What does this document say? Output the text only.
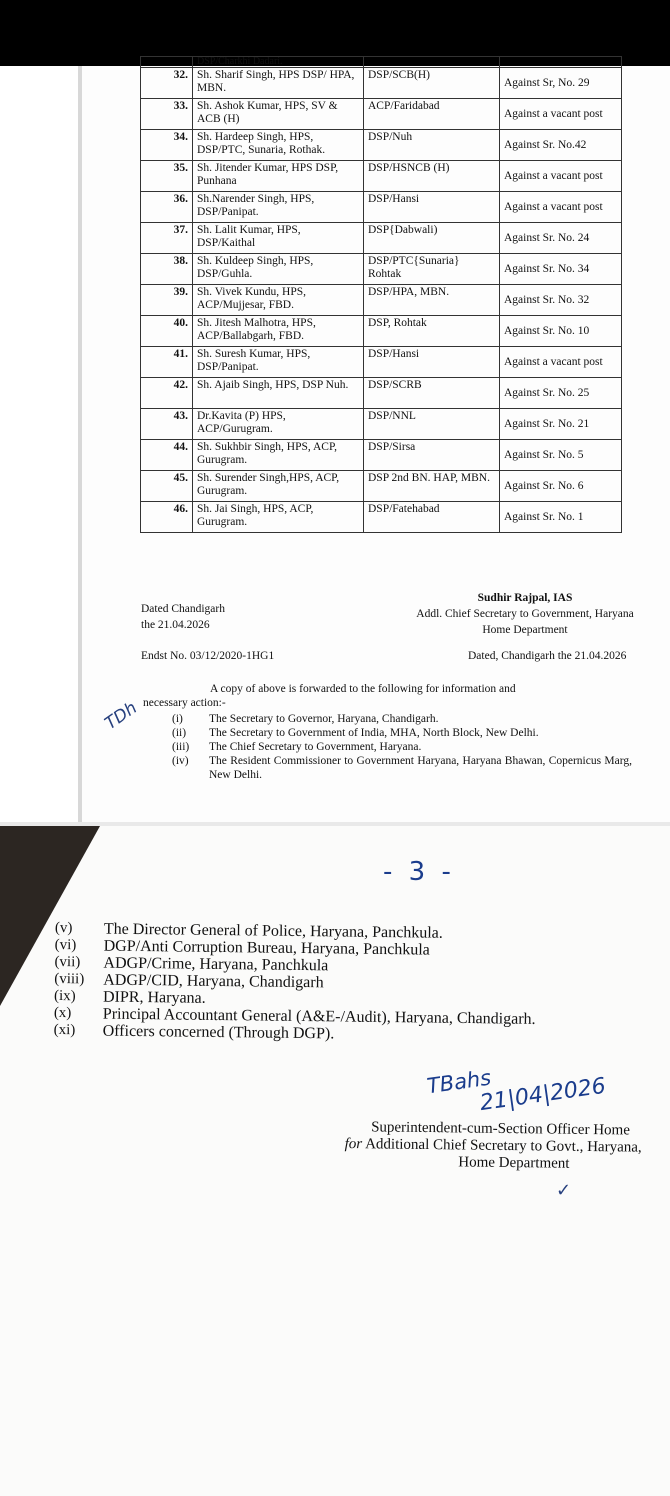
	DSP/Charkhi Dadari.		
32.	Sh. Sharif Singh, HPS DSP/ HPA, MBN.	DSP/SCB(H)	Against Sr, No. 29
33.	Sh. Ashok Kumar, HPS, SV & ACB (H)	ACP/Faridabad	Against a vacant post
34.	Sh. Hardeep Singh, HPS, DSP/PTC, Sunaria, Rothak.	DSP/Nuh	Against Sr. No.42
35.	Sh. Jitender Kumar, HPS DSP, Punhana	DSP/HSNCB (H)	Against a vacant post
36.	Sh.Narender Singh, HPS, DSP/Panipat.	DSP/Hansi	Against a vacant post
37.	Sh. Lalit Kumar, HPS, DSP/Kaithal	DSP{Dabwali)	Against Sr. No. 24
38.	Sh. Kuldeep Singh, HPS, DSP/Guhla.	DSP/PTC{Sunaria} Rohtak	Against Sr. No. 34
39.	Sh. Vivek Kundu, HPS, ACP/Mujjesar, FBD.	DSP/HPA, MBN.	Against Sr. No. 32
40.	Sh. Jitesh Malhotra, HPS, ACP/Ballabgarh, FBD.	DSP, Rohtak	Against Sr. No. 10
41.	Sh. Suresh Kumar, HPS, DSP/Panipat.	DSP/Hansi	Against a vacant post
42.	Sh. Ajaib Singh, HPS, DSP Nuh.	DSP/SCRB	Against Sr. No. 25
43.	Dr.Kavita (P) HPS, ACP/Gurugram.	DSP/NNL	Against Sr. No. 21
44.	Sh. Sukhbir Singh, HPS, ACP, Gurugram.	DSP/Sirsa	Against Sr. No. 5
45.	Sh. Surender Singh,HPS, ACP, Gurugram.	DSP 2nd BN. HAP, MBN.	Against Sr. No. 6
46.	Sh. Jai Singh, HPS, ACP, Gurugram.	DSP/Fatehabad	Against Sr. No. 1
Sudhir Rajpal, IAS
Addl. Chief Secretary to Government, Haryana
Home Department
Dated Chandigarh
the 21.04.2026
Endst No. 03/12/2020-1HG1	Dated, Chandigarh the 21.04.2026
A copy of above is forwarded to the following for information and
necessary action:-
TDh	(i)	The Secretary to Governor, Haryana, Chandigarh.
(ii)	The Secretary to Government of India, MHA, North Block, New Delhi.
(iii)	The Chief Secretary to Government, Haryana.
(iv)	The Resident Commissioner to Government Haryana, Haryana Bhawan, Copernicus Marg, New Delhi.
- 3 -
(v)	The Director General of Police, Haryana, Panchkula.
(vi)	DGP/Anti Corruption Bureau, Haryana, Panchkula
(vii)	ADGP/Crime, Haryana, Panchkula
(viii)	ADGP/CID, Haryana, Chandigarh
(ix)	DIPR, Haryana.
(x)	Principal Accountant General (A&E-/Audit), Haryana, Chandigarh.
(xi)	Officers concerned (Through DGP).
TBahs
21|04|2026
Superintendent-cum-Section Officer Home
for Additional Chief Secretary to Govt., Haryana,
Home Department
✓
